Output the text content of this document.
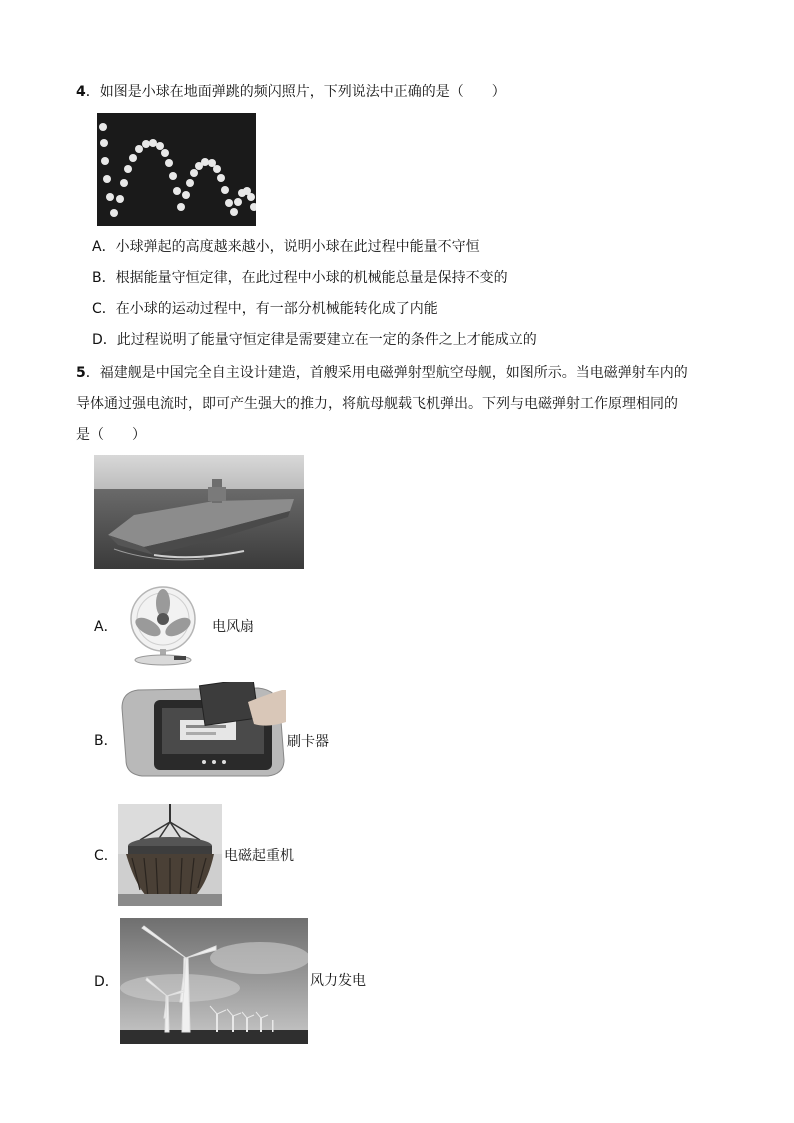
4．如图是小球在地面弹跳的频闪照片，下列说法中正确的是（　　）
A．小球弹起的高度越来越小，说明小球在此过程中能量不守恒
B．根据能量守恒定律，在此过程中小球的机械能总量是保持不变的
C．在小球的运动过程中，有一部分机械能转化成了内能
D．此过程说明了能量守恒定律是需要建立在一定的条件之上才能成立的
5．福建舰是中国完全自主设计建造，首艘采用电磁弹射型航空母舰，如图所示。当电磁弹射车内的
导体通过强电流时，即可产生强大的推力，将航母舰载飞机弹出。下列与电磁弹射工作原理相同的
是（　　）
A．	电风扇
B．	刷卡器
C．	电磁起重机
D．	风力发电
